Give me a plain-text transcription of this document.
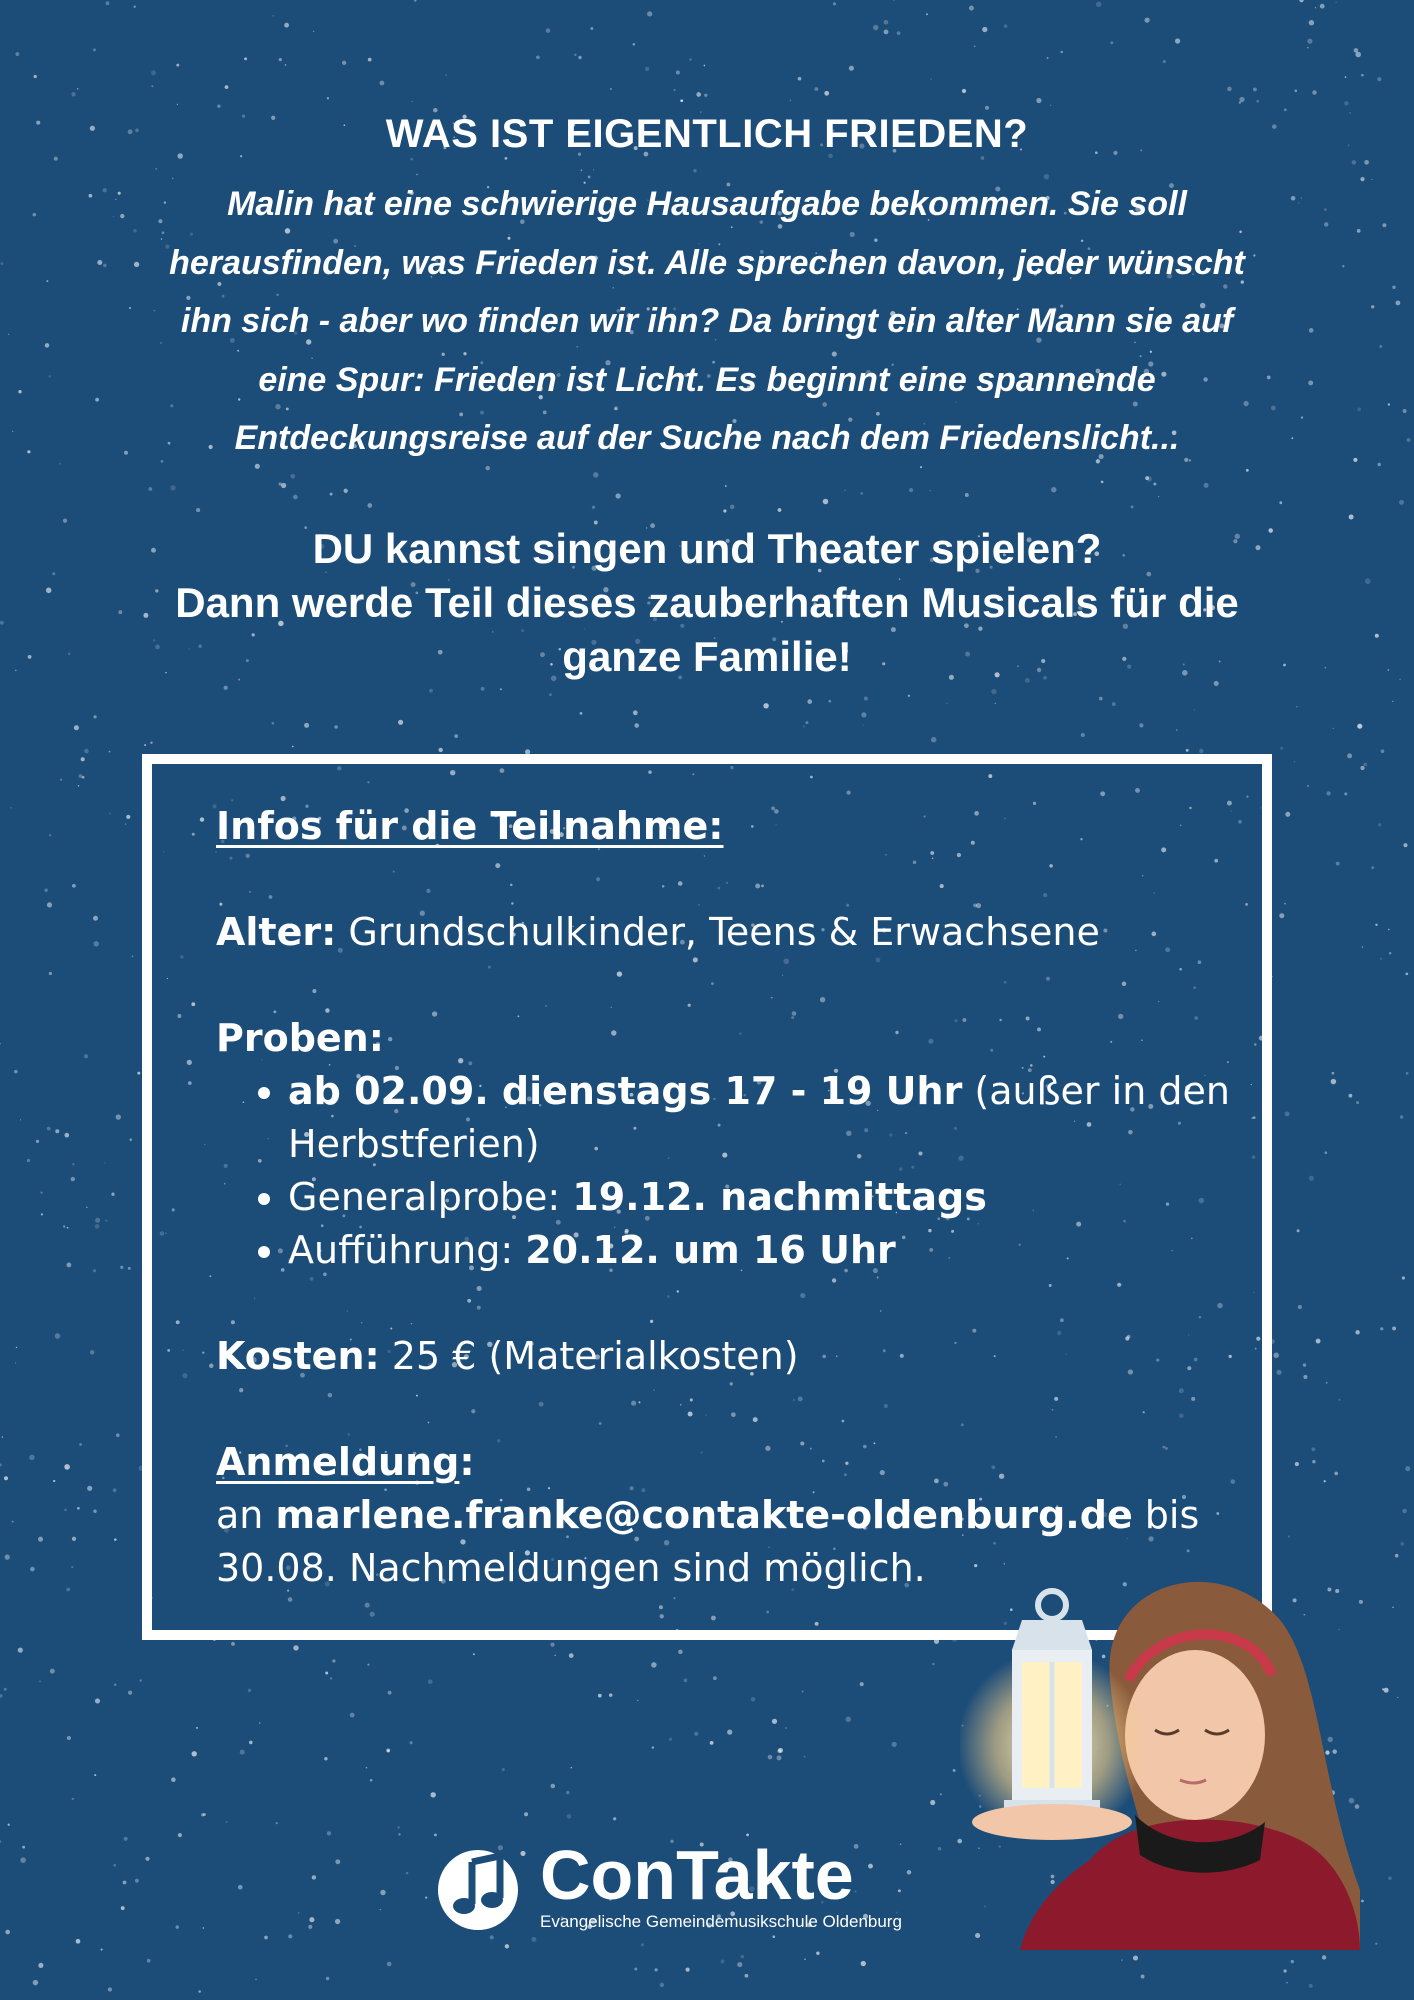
WAS IST EIGENTLICH FRIEDEN?
Malin hat eine schwierige Hausaufgabe bekommen. Sie soll
herausfinden, was Frieden ist. Alle sprechen davon, jeder wünscht
ihn sich - aber wo finden wir ihn? Da bringt ein alter Mann sie auf
eine Spur: Frieden ist Licht. Es beginnt eine spannende
Entdeckungsreise auf der Suche nach dem Friedenslicht...
DU kannst singen und Theater spielen?
Dann werde Teil dieses zauberhaften Musicals für die
ganze Familie!
Infos für die Teilnahme:
Alter: Grundschulkinder, Teens & Erwachsene
Proben:
• ab 02.09. dienstags 17 - 19 Uhr (außer in den Herbstferien)
• Generalprobe: 19.12. nachmittags
• Aufführung: 20.12. um 16 Uhr
Kosten: 25 € (Materialkosten)
Anmeldung:
an marlene.franke@contakte-oldenburg.de bis 30.08. Nachmeldungen sind möglich.
ConTakte
Evangelische Gemeindemusikschule Oldenburg
